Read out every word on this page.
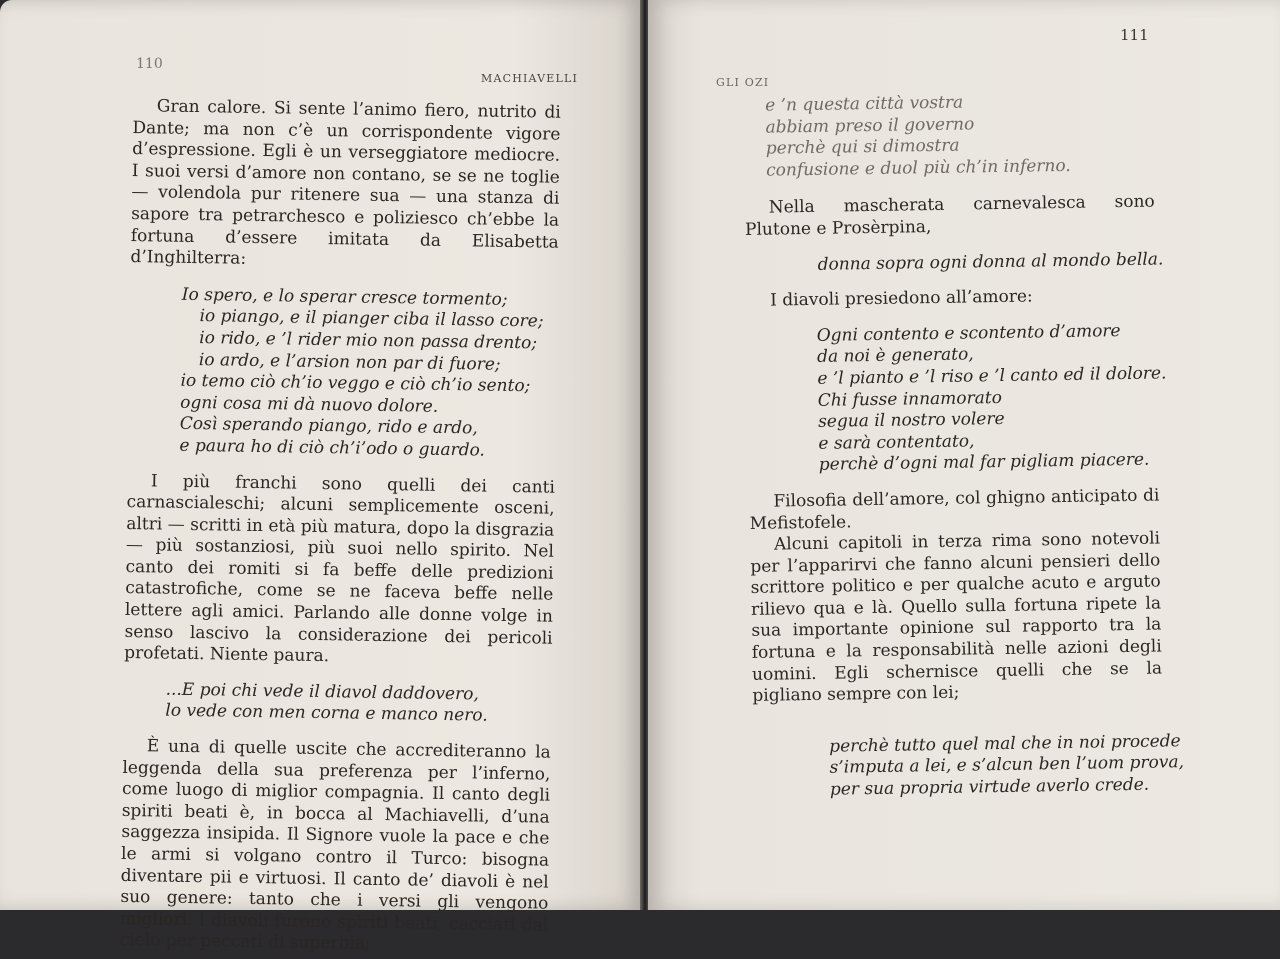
110
MACHIAVELLI

Gran calore. Si sente l’animo fiero, nutrito di Dante; ma non c’è un corrispondente vigore d’espressione. Egli è un verseggiatore mediocre. I suoi versi d’amore non contano, se se ne toglie — volendola pur ritenere sua — una stanza di sapore tra petrarchesco e poliziesco ch’ebbe la fortuna d’essere imitata da Elisabetta d’Inghilterra:

Io spero, e lo sperar cresce tormento;
io piango, e il pianger ciba il lasso core;
io rido, e ’l rider mio non passa drento;
io ardo, e l’arsion non par di fuore;
io temo ciò ch’io veggo e ciò ch’io sento;
ogni cosa mi dà nuovo dolore.
Così sperando piango, rido e ardo,
e paura ho di ciò ch’i’odo o guardo.

I più franchi sono quelli dei canti carnascialeschi; alcuni semplicemente osceni, altri — scritti in età più matura, dopo la disgrazia — più sostanziosi, più suoi nello spirito. Nel canto dei romiti si fa beffe delle predizioni catastrofiche, come se ne faceva beffe nelle lettere agli amici. Parlando alle donne volge in senso lascivo la considerazione dei pericoli profetati. Niente paura.

...E poi chi vede il diavol daddovero,
lo vede con men corna e manco nero.

È una di quelle uscite che accrediteranno la leggenda della sua preferenza per l’inferno, come luogo di miglior compagnia. Il canto degli spiriti beati è, in bocca al Machiavelli, d’una saggezza insipida. Il Signore vuole la pace e che le armi si volgano contro il Turco: bisogna diventare pii e virtuosi. Il canto de’ diavoli è nel suo genere: tanto che i versi gli vengono migliori. I diavoli furono spiriti beati, cacciati dal cielo per peccati di superbia;

111
GLI OZI
e ’n questa città vostra
abbiam preso il governo
perchè qui si dimostra
confusione e duol più ch’in inferno.

Nella mascherata carnevalesca sono Plutone e Prosèrpina,

donna sopra ogni donna al mondo bella.

I diavoli presiedono all’amore:

Ogni contento e scontento d’amore
da noi è generato,
e ’l pianto e ’l riso e ’l canto ed il dolore.
Chi fusse innamorato
segua il nostro volere
e sarà contentato,
perchè d’ogni mal far pigliam piacere.

Filosofia dell’amore, col ghigno anticipato di Mefistofele.

Alcuni capitoli in terza rima sono notevoli per l’apparirvi che fanno alcuni pensieri dello scrittore politico e per qualche acuto e arguto rilievo qua e là. Quello sulla fortuna ripete la sua importante opinione sul rapporto tra la fortuna e la responsabilità nelle azioni degli uomini. Egli schernisce quelli che se la pigliano sempre con lei;

perchè tutto quel mal che in noi procede
s’imputa a lei, e s’alcun ben l’uom prova,
per sua propria virtude averlo crede.
